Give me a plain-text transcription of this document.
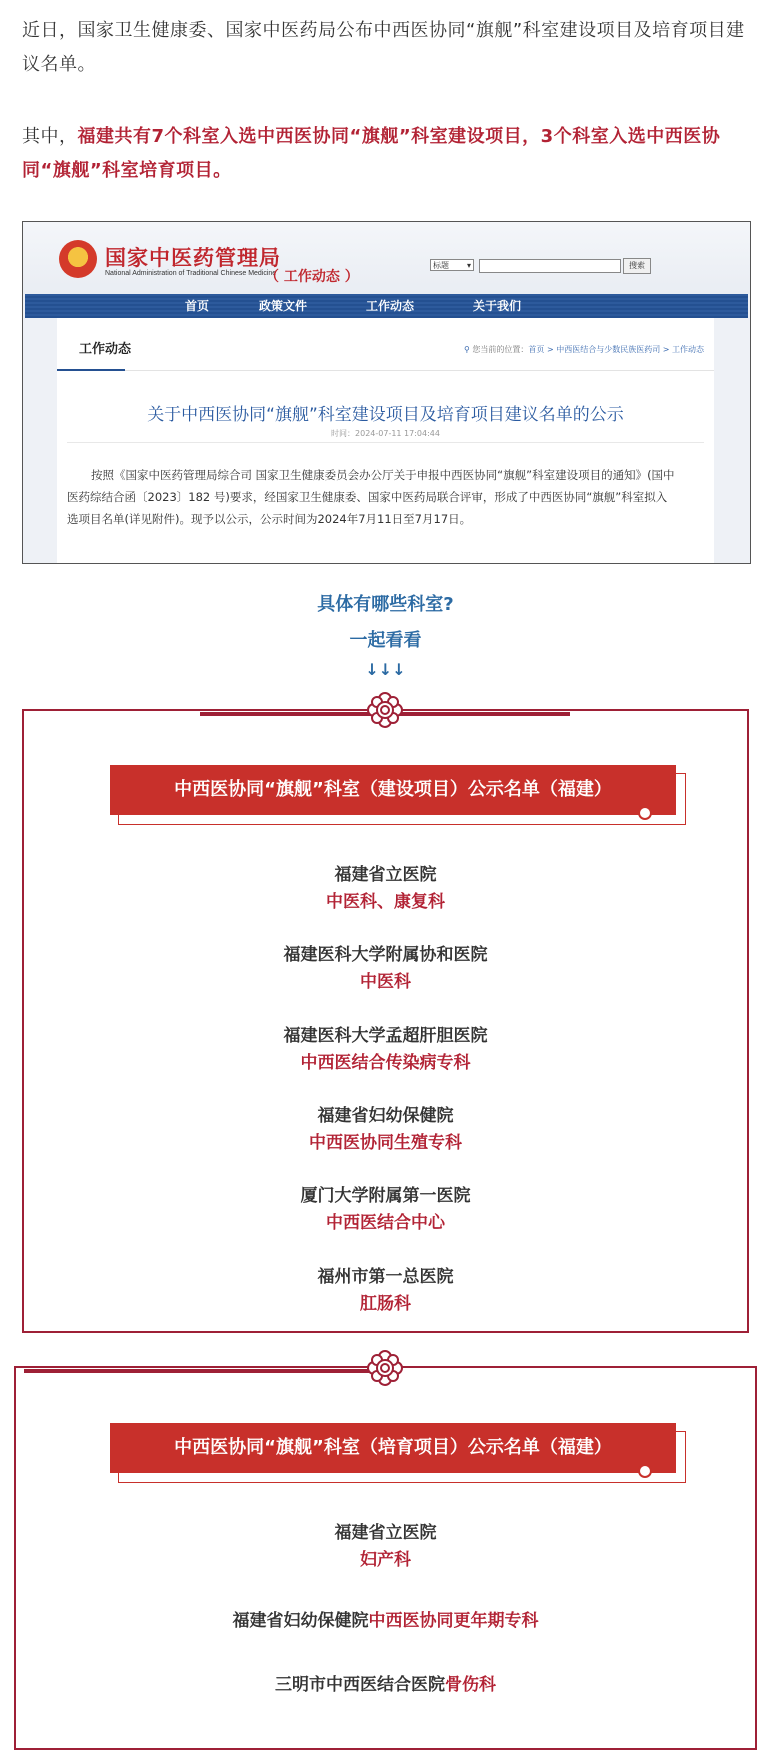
近日，国家卫生健康委、国家中医药局公布中西医协同“旗舰”科室建设项目及培育项目建议名单。
其中，福建共有7个科室入选中西医协同“旗舰”科室建设项目，3个科室入选中西医协同“旗舰”科室培育项目。
国家中医药管理局
National Administration of Traditional Chinese Medicine
（ 工作动态 ）
标题 ▾	搜索
首页	政策文件	工作动态	关于我们
工作动态	⚲ 您当前的位置：首页 > 中西医结合与少数民族医药司 > 工作动态
关于中西医协同“旗舰”科室建设项目及培育项目建议名单的公示
时间：2024-07-11 17:04:44
按照《国家中医药管理局综合司 国家卫生健康委员会办公厅关于申报中西医协同“旗舰”科室建设项目的通知》(国中医药综结合函〔2023〕182 号)要求，经国家卫生健康委、国家中医药局联合评审，形成了中西医协同“旗舰”科室拟入选项目名单(详见附件)。现予以公示，公示时间为2024年7月11日至7月17日。
具体有哪些科室?
一起看看
↓↓↓
中西医协同“旗舰”科室（建设项目）公示名单（福建）
福建省立医院
中医科、康复科
福建医科大学附属协和医院
中医科
福建医科大学孟超肝胆医院
中西医结合传染病专科
福建省妇幼保健院
中西医协同生殖专科
厦门大学附属第一医院
中西医结合中心
福州市第一总医院
肛肠科
中西医协同“旗舰”科室（培育项目）公示名单（福建）
福建省立医院
妇产科
福建省妇幼保健院中西医协同更年期专科
三明市中西医结合医院骨伤科
